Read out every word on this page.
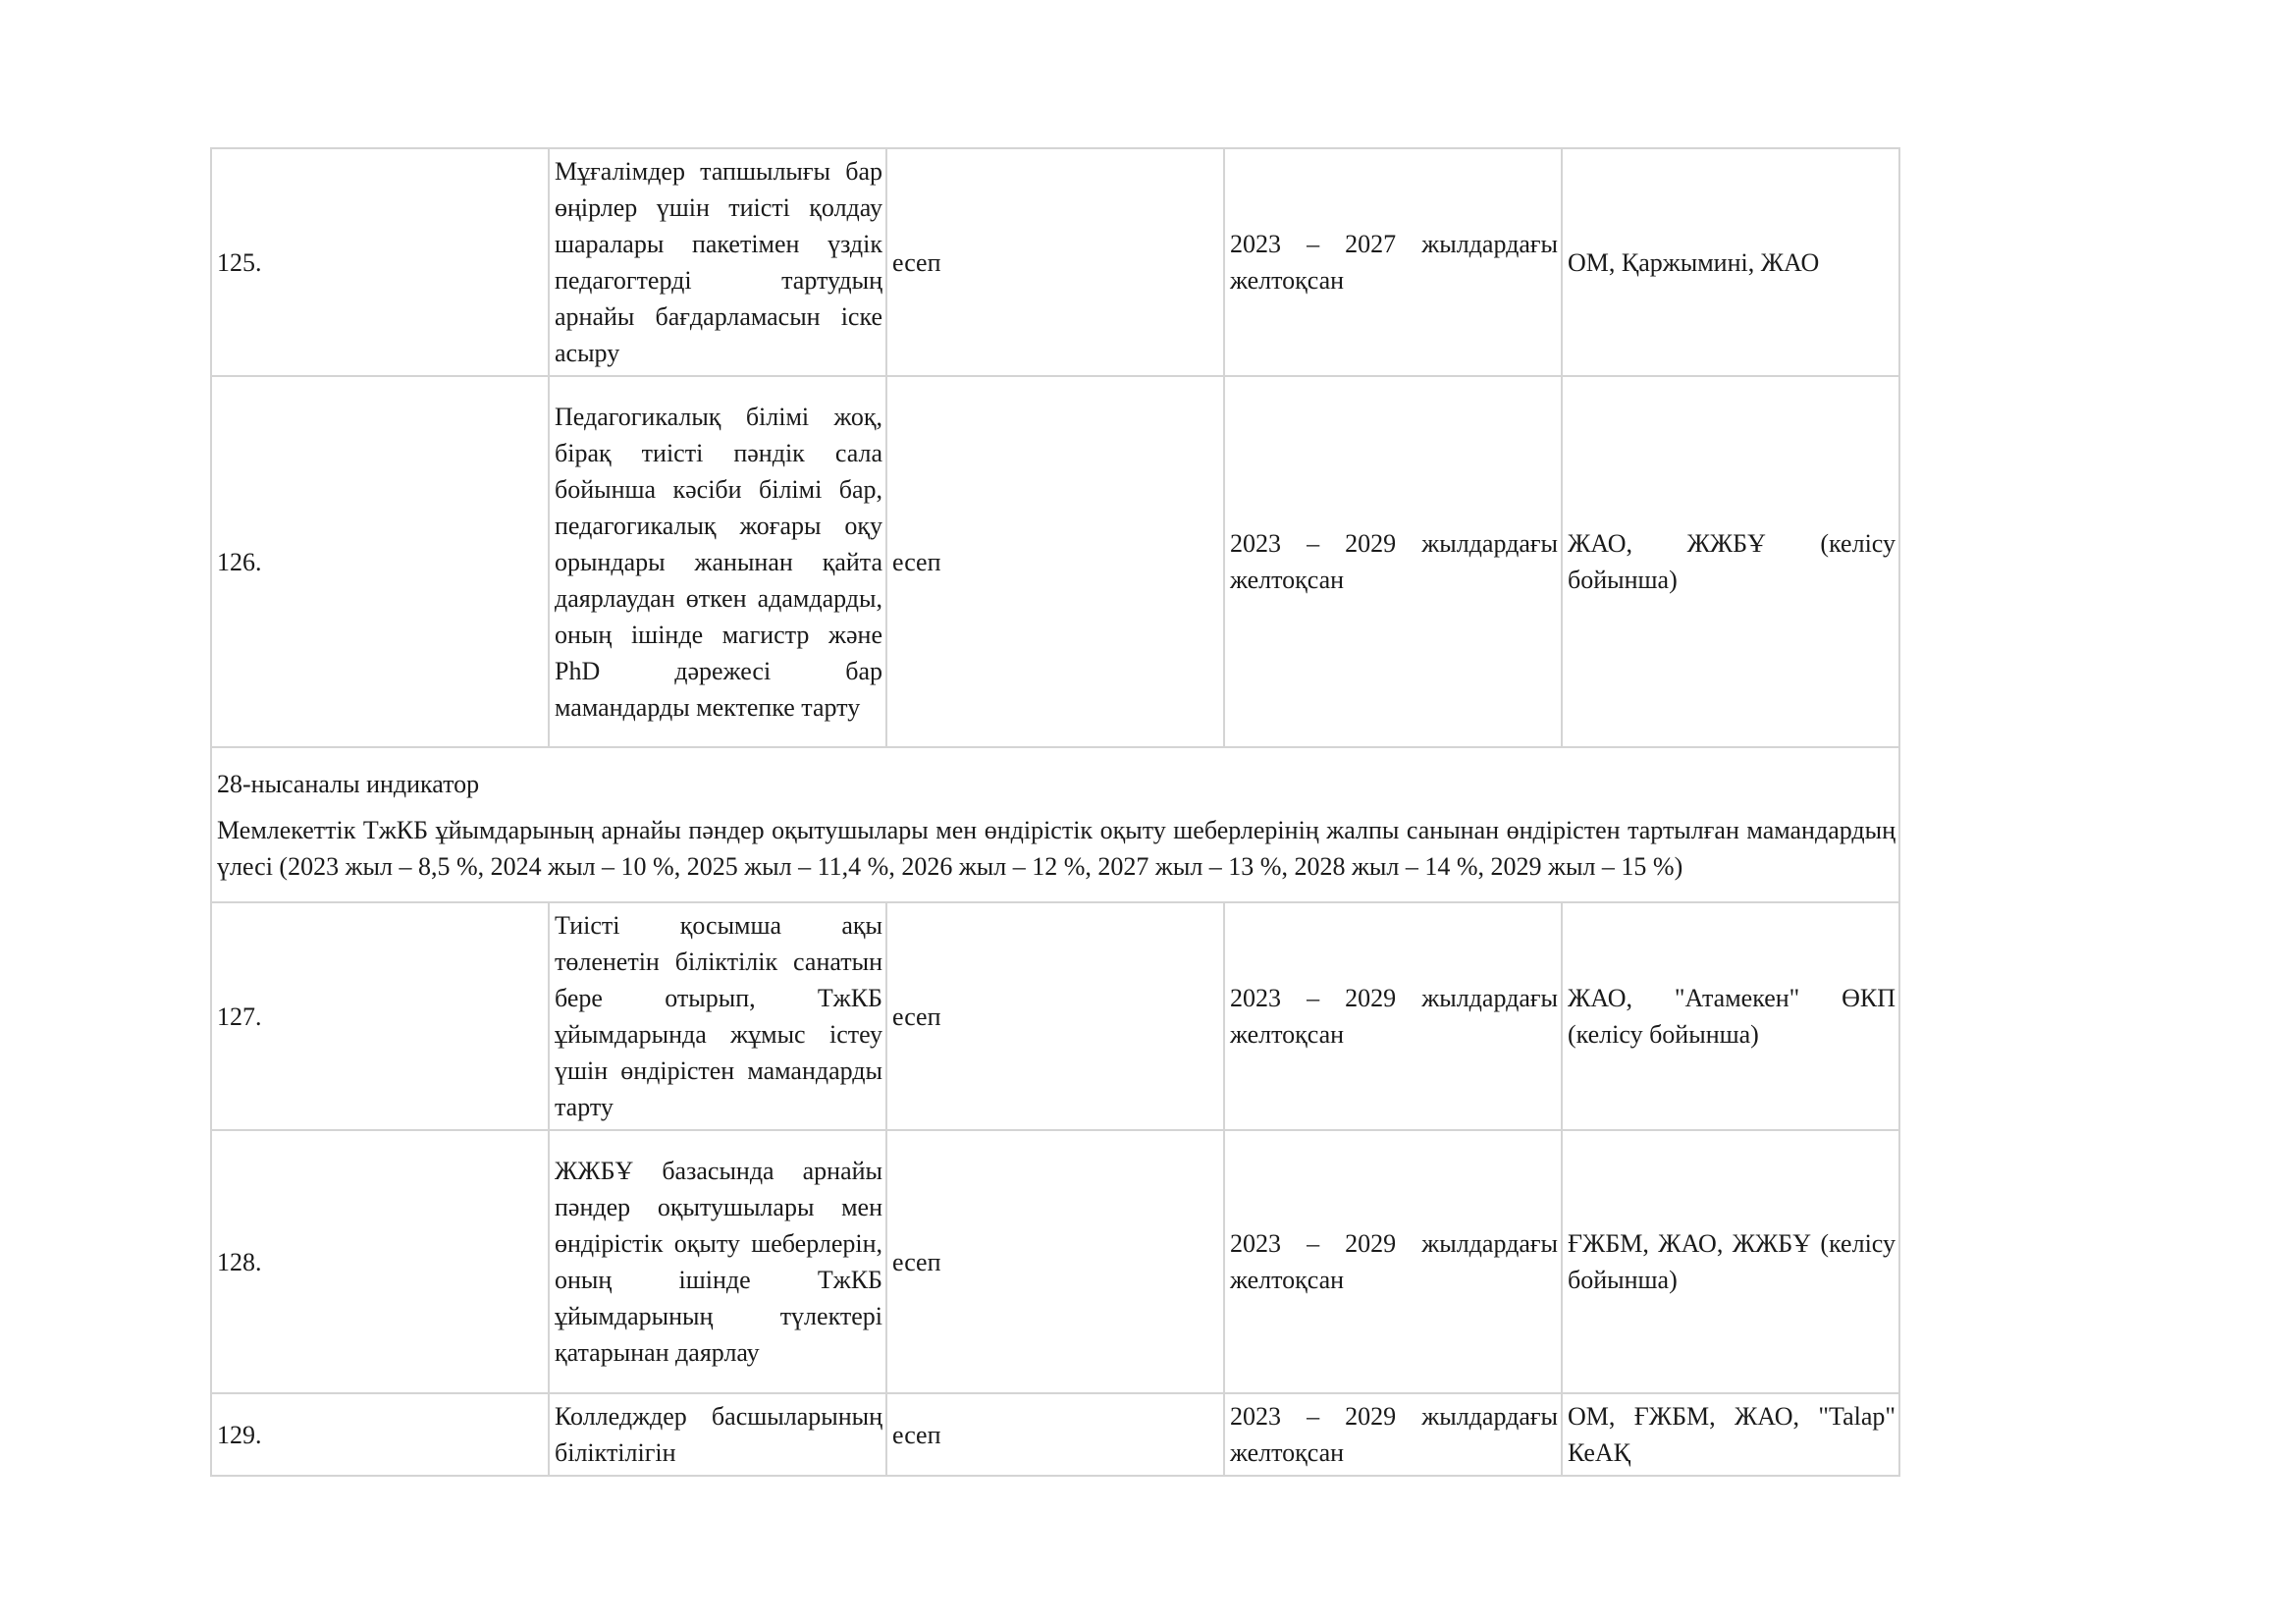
125.	Мұғалімдер тапшылығы бар өңірлер үшін тиісті қолдау шаралары пакетімен үздік педагогтерді тартудың арнайы бағдарламасын іске асыру	есеп	2023 – 2027 жылдардағы желтоқсан	ОМ, Қаржымині, ЖАО
126.	Педагогикалық білімі жоқ, бірақ тиісті пәндік сала бойынша кәсіби білімі бар, педагогикалық жоғары оқу орындары жанынан қайта даярлаудан өткен адамдарды, оның ішінде магистр және PhD дәрежесі бар мамандарды мектепке тарту	есеп	2023 – 2029 жылдардағы желтоқсан	ЖАО, ЖЖБҰ (келісу бойынша)

28-нысаналы индикатор

Мемлекеттік ТжКБ ұйымдарының арнайы пәндер оқытушылары мен өндірістік оқыту шеберлерінің жалпы санынан өндірістен тартылған мамандардың үлесі (2023 жыл – 8,5 %, 2024 жыл – 10 %, 2025 жыл – 11,4 %, 2026 жыл – 12 %, 2027 жыл – 13 %, 2028 жыл – 14 %, 2029 жыл – 15 %)				

127.	Тиісті қосымша ақы төленетін біліктілік санатын бере отырып, ТжКБ ұйымдарында жұмыс істеу үшін өндірістен мамандарды тарту	есеп	2023 – 2029 жылдардағы желтоқсан	ЖАО, "Атамекен" ӨКП (келісу бойынша)
128.	ЖЖБҰ базасында арнайы пәндер оқытушылары мен өндірістік оқыту шеберлерін, оның ішінде ТжКБ ұйымдарының түлектері қатарынан даярлау	есеп	2023 – 2029 жылдардағы желтоқсан	ҒЖБМ, ЖАО, ЖЖБҰ (келісу бойынша)
129.	Колледждер басшыларының біліктілігін	есеп	2023 – 2029 жылдардағы желтоқсан	ОМ, ҒЖБМ, ЖАО, "Talap" КеАҚ
